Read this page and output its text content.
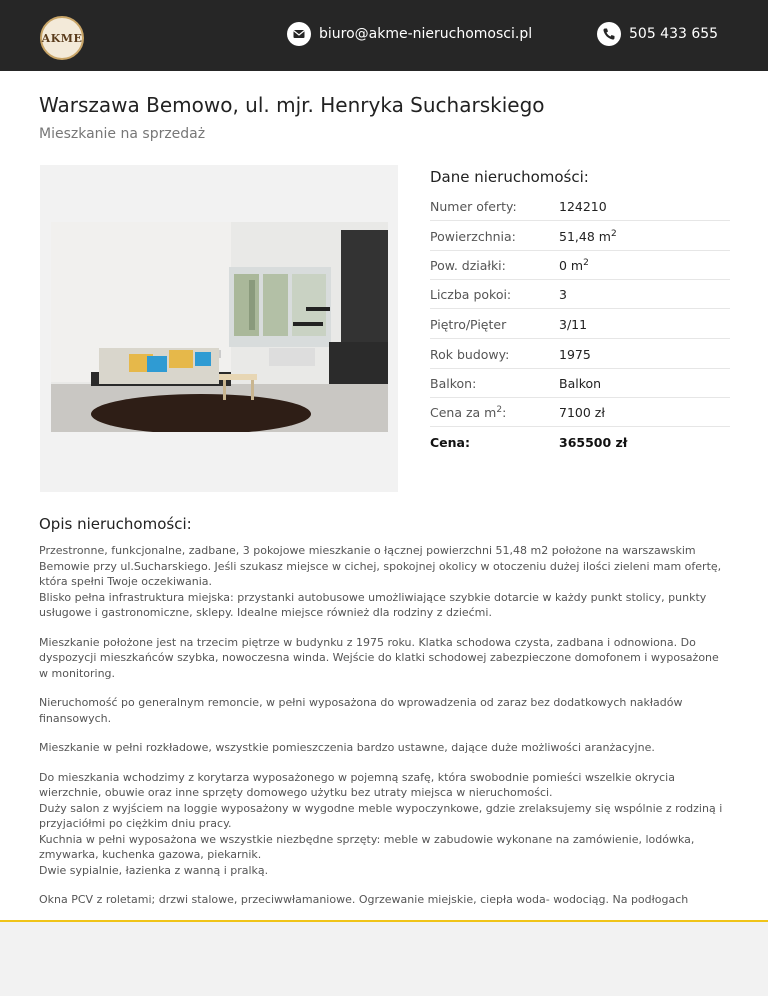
AKME	biuro@akme-nieruchomosci.pl	505 433 655
Warszawa Bemowo, ul. mjr. Henryka Sucharskiego
Mieszkanie na sprzedaż
Dane nieruchomości:
Numer oferty:	124210
Powierzchnia:	51,48 $m^2$
Pow. działki:	0 $m^2$
Liczba pokoi:	3
Piętro/Pięter	3/11
Rok budowy:	1975
Balkon:	Balkon
Cena za $m^2$:	7100 zł
Cena:	365500 zł
Opis nieruchomości:

Przestronne, funkcjonalne, zadbane, 3 pokojowe mieszkanie o łącznej powierzchni 51,48 m2 położone na warszawskim Bemowie przy ul.Sucharskiego. Jeśli szukasz miejsce w cichej, spokojnej okolicy w otoczeniu dużej ilości zieleni mam ofertę, która spełni Twoje oczekiwania.
Blisko pełna infrastruktura miejska: przystanki autobusowe umożliwiające szybkie dotarcie w każdy punkt stolicy, punkty usługowe i gastronomiczne, sklepy. Idealne miejsce również dla rodziny z dziećmi.

Mieszkanie położone jest na trzecim piętrze w budynku z 1975 roku. Klatka schodowa czysta, zadbana i odnowiona. Do dyspozycji mieszkańców szybka, nowoczesna winda. Wejście do klatki schodowej zabezpieczone domofonem i wyposażone w monitoring.

Nieruchomość po generalnym remoncie, w pełni wyposażona do wprowadzenia od zaraz bez dodatkowych nakładów finansowych.

Mieszkanie w pełni rozkładowe, wszystkie pomieszczenia bardzo ustawne, dające duże możliwości aranżacyjne.

Do mieszkania wchodzimy z korytarza wyposażonego w pojemną szafę, która swobodnie pomieści wszelkie okrycia wierzchnie, obuwie oraz inne sprzęty domowego użytku bez utraty miejsca w nieruchomości.
Duży salon z wyjściem na loggie wyposażony w wygodne meble wypoczynkowe, gdzie zrelaksujemy się wspólnie z rodziną i przyjaciółmi po ciężkim dniu pracy.
Kuchnia w pełni wyposażona we wszystkie niezbędne sprzęty: meble w zabudowie wykonane na zamówienie, lodówka, zmywarka, kuchenka gazowa, piekarnik.
Dwie sypialnie, łazienka z wanną i pralką.

Okna PCV z roletami; drzwi stalowe, przeciwwłamaniowe. Ogrzewanie miejskie, ciepła woda- wodociąg. Na podłogach
